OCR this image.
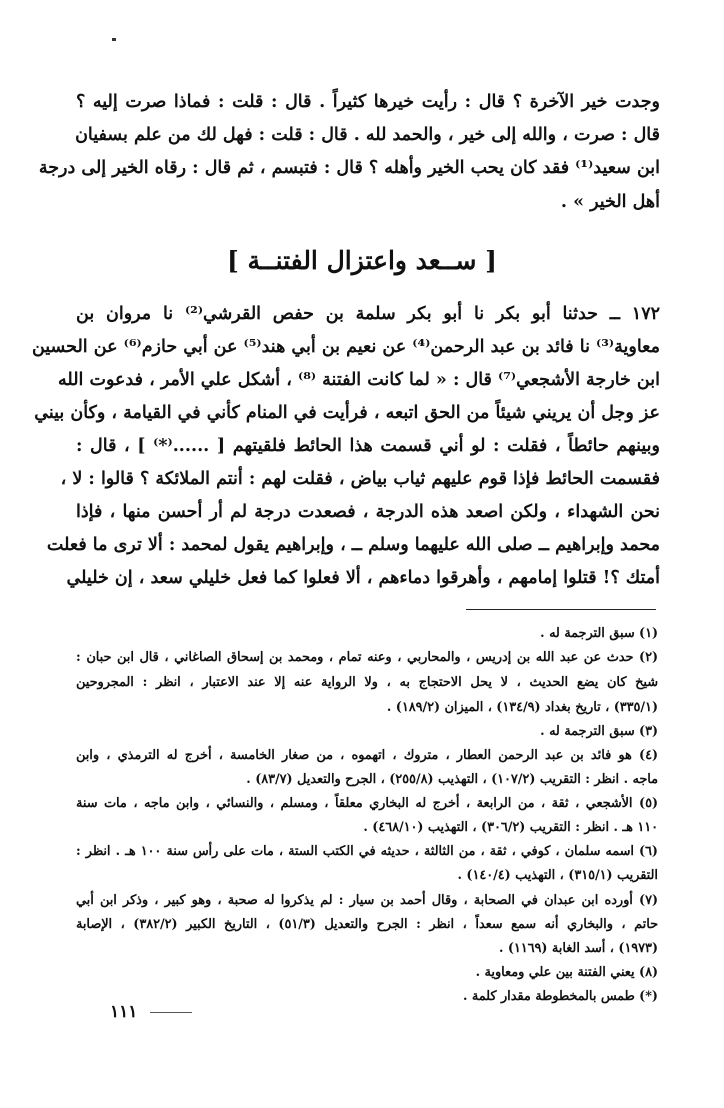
وجدت خير الآخرة ؟ قال : رأيت خيرها كثيراً . قال : قلت : فماذا صرت إليه ؟
قال : صرت ، والله إلى خير ، والحمد لله . قال : قلت : فهل لك من علم بسفيان
ابن سعيد⁽¹⁾ فقد كان يحب الخير وأهله ؟ قال : فتبسم ، ثم قال : رقاه الخير إلى درجة
أهل الخير » .
[ ســعد واعتزال الفتنــة ]
١٧٢ ــ حدثنا أبو بكر نا أبو بكر سلمة بن حفص القرشي⁽²⁾ نا مروان بن
معاوية⁽³⁾ نا فائد بن عبد الرحمن⁽⁴⁾ عن نعيم بن أبي هند⁽⁵⁾ عن أبي حازم⁽⁶⁾ عن الحسين
ابن خارجة الأشجعي⁽⁷⁾ قال : « لما كانت الفتنة ⁽⁸⁾ ، أشكل علي الأمر ، فدعوت الله
عز وجل أن يريني شيئاً من الحق اتبعه ، فرأيت في المنام كأني في القيامة ، وكأن بيني
وبينهم حائطاً ، فقلت : لو أني قسمت هذا الحائط فلقيتهم [ ......⁽*⁾ ] ، قال :
فقسمت الحائط فإذا قوم عليهم ثياب بياض ، فقلت لهم : أنتم الملائكة ؟ قالوا : لا ،
نحن الشهداء ، ولكن اصعد هذه الدرجة ، فصعدت درجة لم أر أحسن منها ، فإذا
محمد وإبراهيم ــ صلى الله عليهما وسلم ــ ، وإبراهيم يقول لمحمد : ألا ترى ما فعلت
أمتك ؟! قتلوا إمامهم ، وأهرقوا دماءهم ، ألا فعلوا كما فعل خليلي سعد ، إن خليلي
(١) سبق الترجمة له .
(٢) حدث عن عبد الله بن إدريس ، والمحاربي ، وعنه تمام ، ومحمد بن إسحاق الصاغاني ، قال ابن حبان :
شيخ كان يضع الحديث ، لا يحل الاحتجاج به ، ولا الرواية عنه إلا عند الاعتبار ، انظر : المجروحين
(٣٣٥/١) ، تاريخ بغداد (١٣٤/٩) ، الميزان (١٨٩/٢) .
(٣) سبق الترجمة له .
(٤) هو فائد بن عبد الرحمن العطار ، متروك ، اتهموه ، من صغار الخامسة ، أخرج له الترمذي ، وابن
ماجه . انظر : التقريب (١٠٧/٢) ، التهذيب (٢٥٥/٨) ، الجرح والتعديل (٨٣/٧) .
(٥) الأشجعي ، ثقة ، من الرابعة ، أخرج له البخاري معلقاً ، ومسلم ، والنسائي ، وابن ماجه ، مات سنة
١١٠ هـ . انظر : التقريب (٣٠٦/٢) ، التهذيب (٤٦٨/١٠) .
(٦) اسمه سلمان ، كوفي ، ثقة ، من الثالثة ، حديثه في الكتب الستة ، مات على رأس سنة ١٠٠ هـ . انظر :
التقريب (٣١٥/١) ، التهذيب (١٤٠/٤) .
(٧) أورده ابن عبدان في الصحابة ، وقال أحمد بن سيار : لم يذكروا له صحبة ، وهو كبير ، وذكر ابن أبي
حاتم ، والبخاري أنه سمع سعداً ، انظر : الجرح والتعديل (٥١/٣) ، التاريخ الكبير (٣٨٢/٢) ، الإصابة
(١٩٧٣) ، أسد الغابة (١١٦٩) .
(٨) يعني الفتنة بين علي ومعاوية .
(*) طمس بالمخطوطة مقدار كلمة .
١١١
